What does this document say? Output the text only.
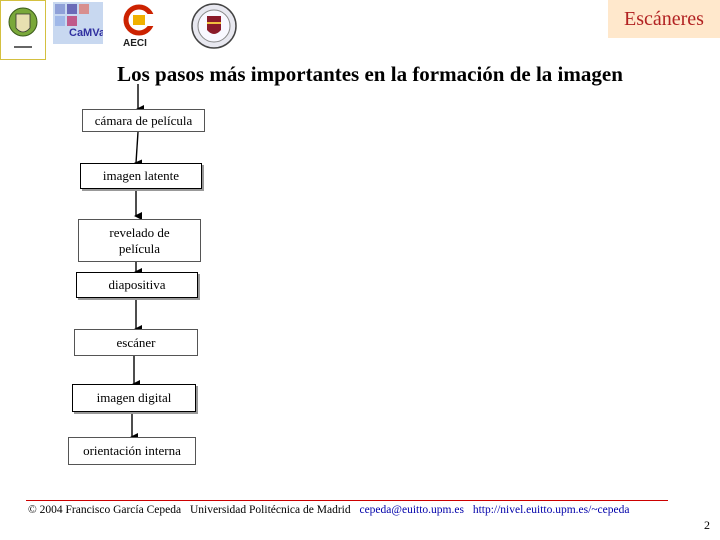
CaMVa
AECI
Escáneres
Los pasos más importantes en la formación de la imagen
cámara de película
imagen latente
revelado de película
diapositiva
escáner
imagen digital
orientación interna
© 2004 Francisco García Cepeda Universidad Politécnica de Madrid cepeda@euitto.upm.es http://nivel.euitto.upm.es/~cepeda
2
